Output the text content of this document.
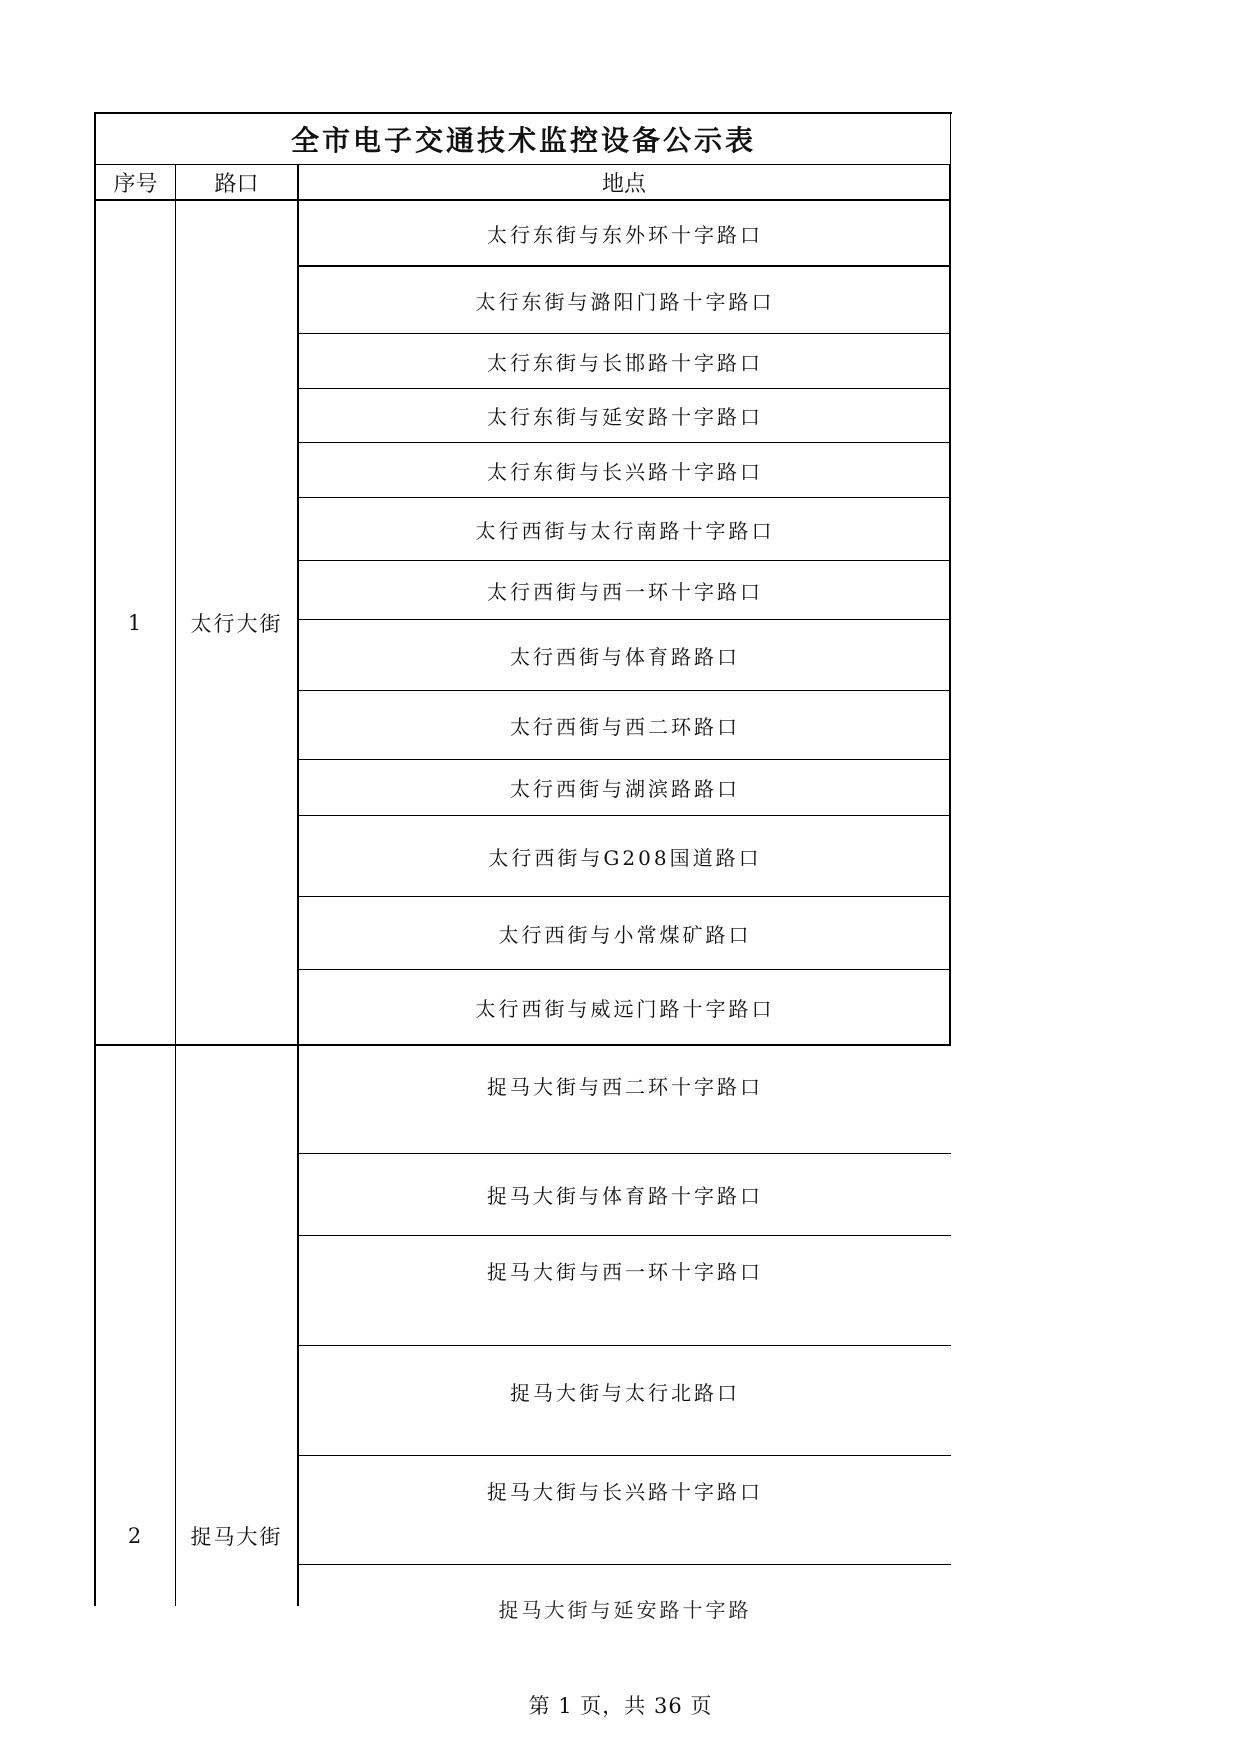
全市电子交通技术监控设备公示表
序号	路口	地点
1	太行大街
太行东街与东外环十字路口
太行东街与潞阳门路十字路口
太行东街与长邯路十字路口
太行东街与延安路十字路口
太行东街与长兴路十字路口
太行西街与太行南路十字路口
太行西街与西一环十字路口
太行西街与体育路路口
太行西街与西二环路口
太行西街与湖滨路路口
太行西街与G208国道路口
太行西街与小常煤矿路口
太行西街与威远门路十字路口
2	捉马大街
捉马大街与西二环十字路口
捉马大街与体育路十字路口
捉马大街与西一环十字路口
捉马大街与太行北路口
捉马大街与长兴路十字路口
捉马大街与延安路十字路
第 1 页，共 36 页
